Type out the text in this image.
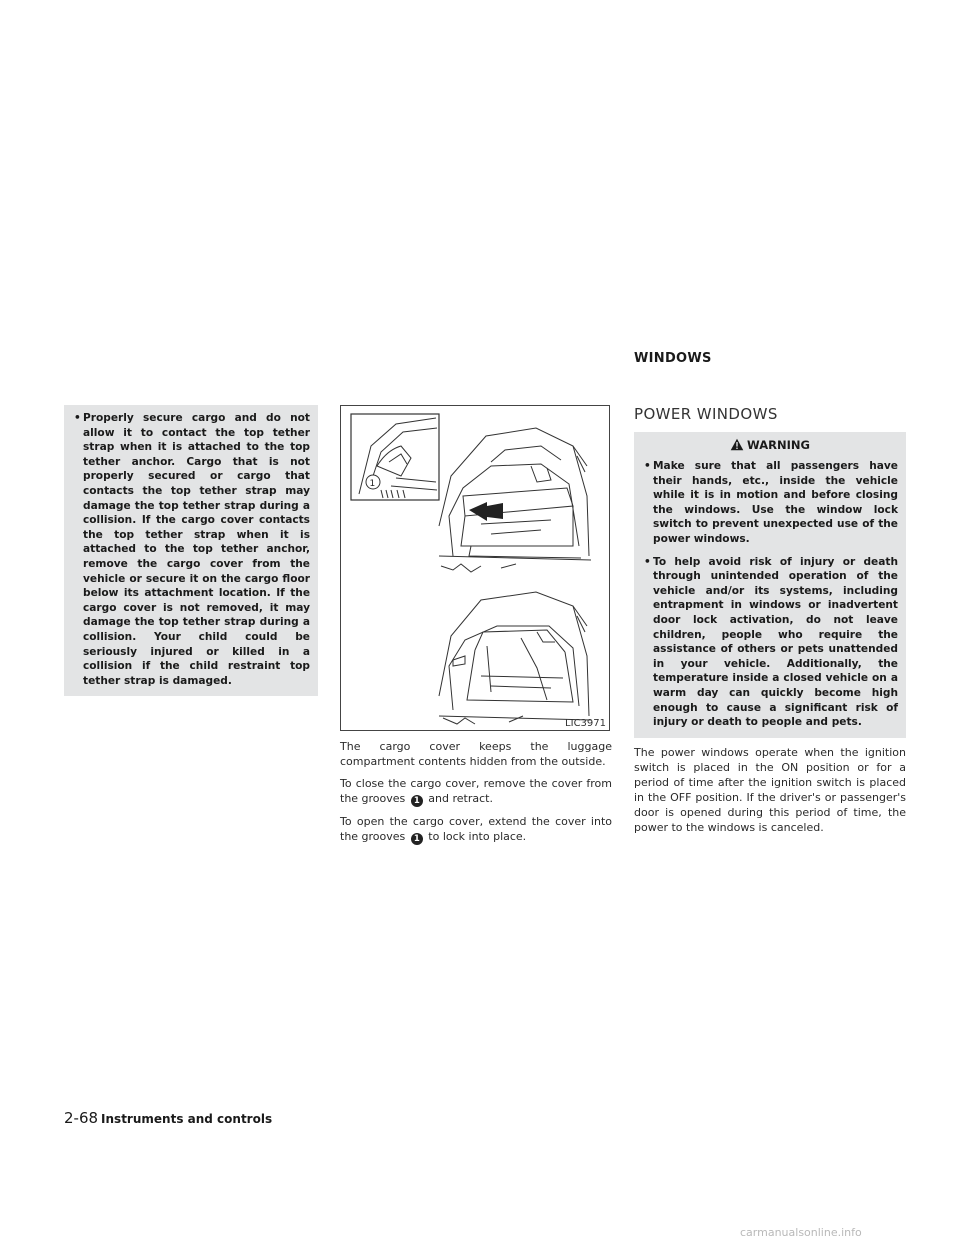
WINDOWS
• Properly secure cargo and do not allow it to contact the top tether strap when it is attached to the top tether anchor. Cargo that is not properly secured or cargo that contacts the top tether strap may damage the top tether strap during a collision. If the cargo cover contacts the top tether strap when it is attached to the top tether anchor, remove the cargo cover from the vehicle or secure it on the cargo floor below its attachment location. If the cargo cover is not removed, it may damage the top tether strap during a collision. Your child could be seriously injured or killed in a collision if the child restraint top tether strap is damaged.
1
LIC3971

The cargo cover keeps the luggage compartment contents hidden from the outside.

To close the cargo cover, remove the cover from the grooves 1 and retract.

To open the cargo cover, extend the cover into the grooves 1 to lock into place.

POWER WINDOWS
WARNING
• Make sure that all passengers have their hands, etc., inside the vehicle while it is in motion and before closing the windows. Use the window lock switch to prevent unexpected use of the power windows.
• To help avoid risk of injury or death through unintended operation of the vehicle and/or its systems, including entrapment in windows or inadvertent door lock activation, do not leave children, people who require the assistance of others or pets unattended in your vehicle. Additionally, the temperature inside a closed vehicle on a warm day can quickly become high enough to cause a significant risk of injury or death to people and pets.

The power windows operate when the ignition switch is placed in the ON position or for a period of time after the ignition switch is placed in the OFF position. If the driver's or passenger's door is opened during this period of time, the power to the windows is canceled.

2-68 Instruments and controls
carmanualsonline.info
